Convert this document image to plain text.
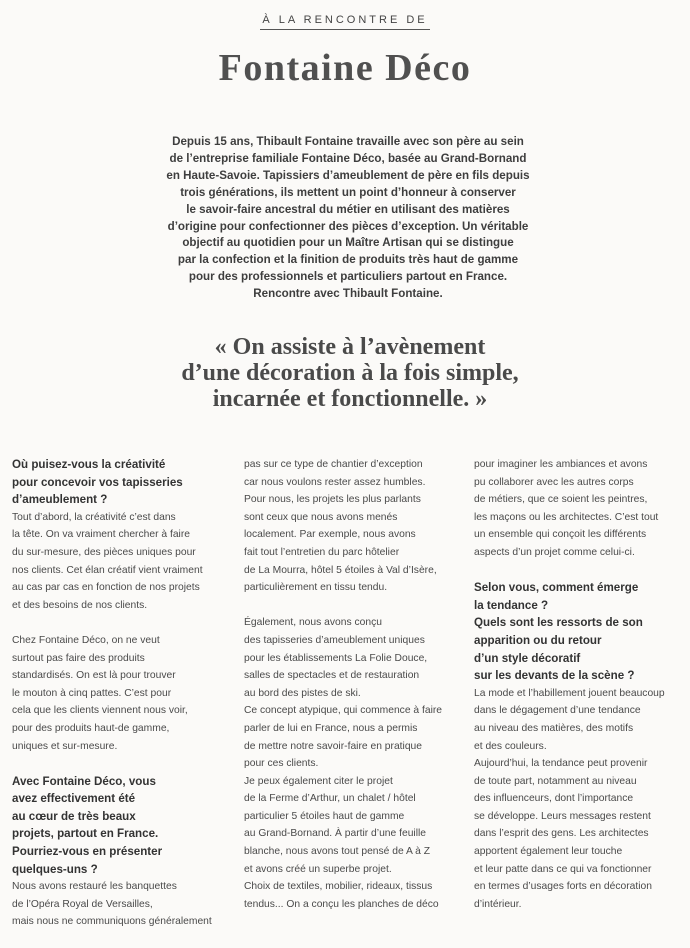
À LA RENCONTRE DE
Fontaine Déco

Depuis 15 ans, Thibault Fontaine travaille avec son père au sein
de l’entreprise familiale Fontaine Déco, basée au Grand-Bornand
en Haute-Savoie. Tapissiers d’ameublement de père en fils depuis
trois générations, ils mettent un point d’honneur à conserver
le savoir-faire ancestral du métier en utilisant des matières
d’origine pour confectionner des pièces d’exception. Un véritable
objectif au quotidien pour un Maître Artisan qui se distingue
par la confection et la finition de produits très haut de gamme
pour des professionnels et particuliers partout en France.
Rencontre avec Thibault Fontaine.

« On assiste à l’avènement
d’une décoration à la fois simple,
incarnée et fonctionnelle. »
Où puisez-vous la créativité
pour concevoir vos tapisseries
d’ameublement ?
Tout d’abord, la créativité c’est dans
la tête. On va vraiment chercher à faire
du sur-mesure, des pièces uniques pour
nos clients. Cet élan créatif vient vraiment
au cas par cas en fonction de nos projets
et des besoins de nos clients.
Chez Fontaine Déco, on ne veut
surtout pas faire des produits
standardisés. On est là pour trouver
le mouton à cinq pattes. C’est pour
cela que les clients viennent nous voir,
pour des produits haut-de gamme,
uniques et sur-mesure.
Avec Fontaine Déco, vous
avez effectivement été
au cœur de très beaux
projets, partout en France.
Pourriez-vous en présenter
quelques-uns ?
Nous avons restauré les banquettes
de l’Opéra Royal de Versailles,
mais nous ne communiquons généralement
pas sur ce type de chantier d’exception
car nous voulons rester assez humbles.
Pour nous, les projets les plus parlants
sont ceux que nous avons menés
localement. Par exemple, nous avons
fait tout l’entretien du parc hôtelier
de La Mourra, hôtel 5 étoiles à Val d’Isère,
particulièrement en tissu tendu.
Également, nous avons conçu
des tapisseries d’ameublement uniques
pour les établissements La Folie Douce,
salles de spectacles et de restauration
au bord des pistes de ski.
Ce concept atypique, qui commence à faire
parler de lui en France, nous a permis
de mettre notre savoir-faire en pratique
pour ces clients.
Je peux également citer le projet
de la Ferme d’Arthur, un chalet / hôtel
particulier 5 étoiles haut de gamme
au Grand-Bornand. À partir d’une feuille
blanche, nous avons tout pensé de A à Z
et avons créé un superbe projet.
Choix de textiles, mobilier, rideaux, tissus
tendus... On a conçu les planches de déco
pour imaginer les ambiances et avons
pu collaborer avec les autres corps
de métiers, que ce soient les peintres,
les maçons ou les architectes. C’est tout
un ensemble qui conçoit les différents
aspects d’un projet comme celui-ci.
Selon vous, comment émerge
la tendance ?
Quels sont les ressorts de son
apparition ou du retour
d’un style décoratif
sur les devants de la scène ?
La mode et l’habillement jouent beaucoup
dans le dégagement d’une tendance
au niveau des matières, des motifs
et des couleurs.
Aujourd’hui, la tendance peut provenir
de toute part, notamment au niveau
des influenceurs, dont l’importance
se développe. Leurs messages restent
dans l’esprit des gens. Les architectes
apportent également leur touche
et leur patte dans ce qui va fonctionner
en termes d’usages forts en décoration
d’intérieur.
